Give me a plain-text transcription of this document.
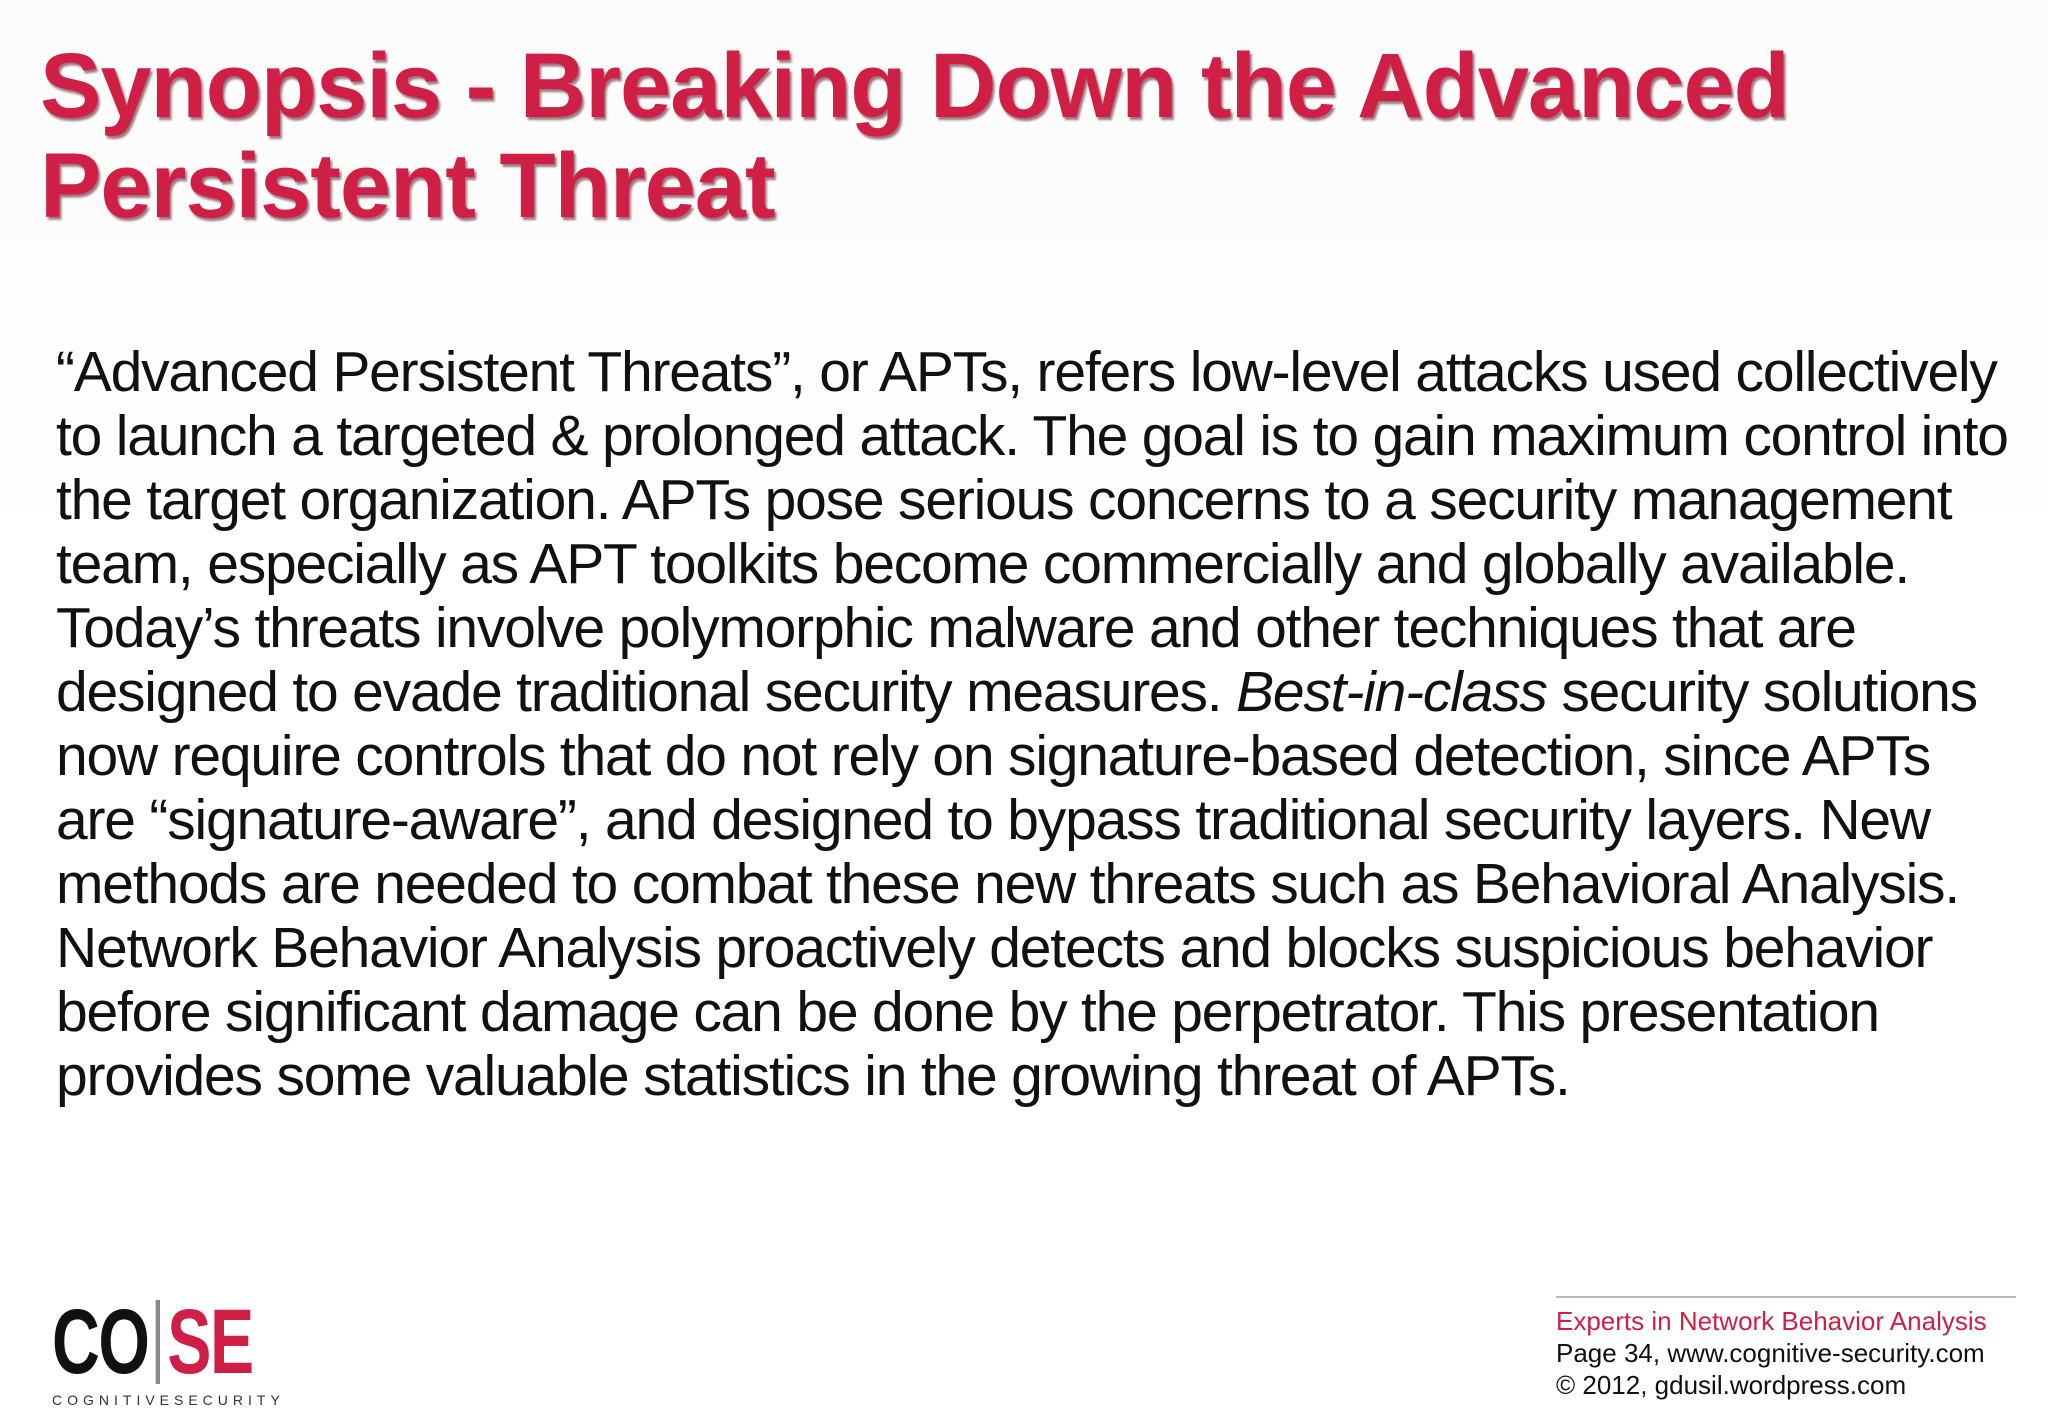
Synopsis - Breaking Down the Advanced
Persistent Threat

“Advanced Persistent Threats”, or APTs, refers low-level attacks used collectively to launch a targeted & prolonged attack. The goal is to gain maximum control into the target organization. APTs pose serious concerns to a security management team, especially as APT toolkits become commercially and globally available. Today’s threats involve polymorphic malware and other techniques that are designed to evade traditional security measures. Best-in-class security solutions now require controls that do not rely on signature-based detection, since APTs are “signature-aware”, and designed to bypass traditional security layers. New methods are needed to combat these new threats such as Behavioral Analysis. Network Behavior Analysis proactively detects and blocks suspicious behavior before significant damage can be done by the perpetrator. This presentation provides some valuable statistics in the growing threat of APTs.

CO SE
COGNITIVESECURITY
Experts in Network Behavior Analysis
Page 34, www.cognitive-security.com
© 2012, gdusil.wordpress.com
